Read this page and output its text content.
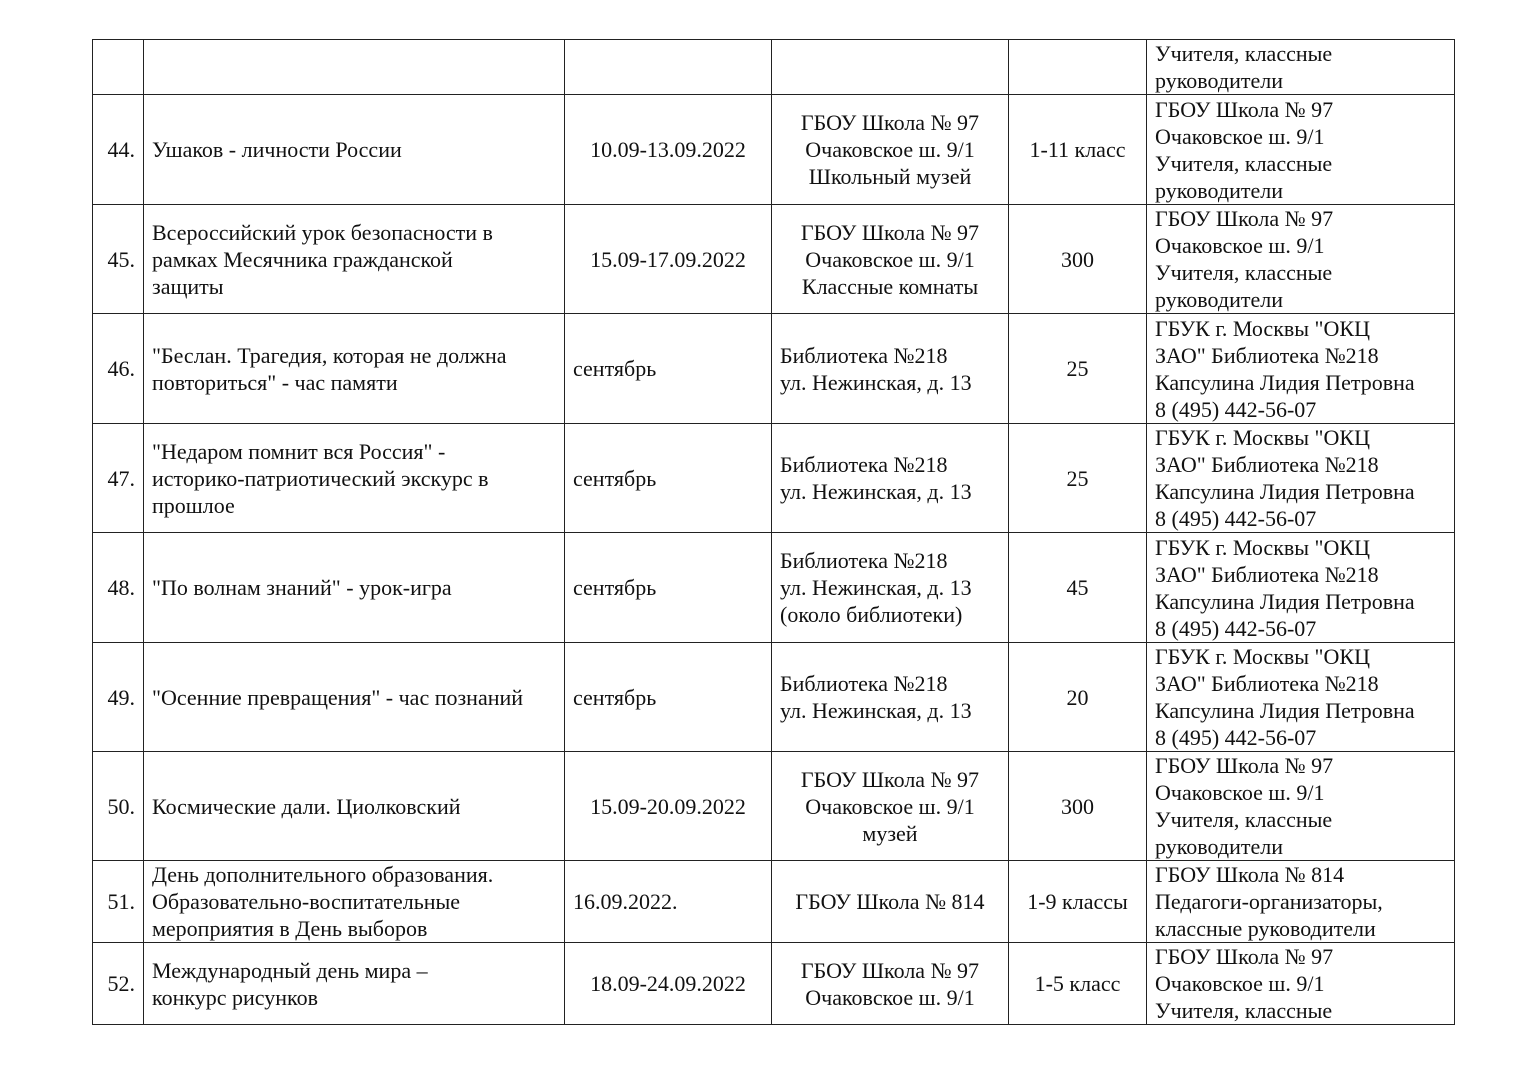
					Учителя, классные
руководители

44.	Ушаков - личности России	10.09-13.09.2022	ГБОУ Школа № 97
Очаковское ш. 9/1
Школьный музей	1-11 класс	ГБОУ Школа № 97
Очаковское ш. 9/1
Учителя, классные
руководители

45.	Всероссийский урок безопасности в
рамках Месячника гражданской
защиты	15.09-17.09.2022	ГБОУ Школа № 97
Очаковское ш. 9/1
Классные комнаты	300	ГБОУ Школа № 97
Очаковское ш. 9/1
Учителя, классные
руководители

46.	"Беслан. Трагедия, которая не должна
повториться" - час памяти	сентябрь	Библиотека №218
ул. Нежинская, д. 13	25	ГБУК г. Москвы "ОКЦ
ЗАО" Библиотека №218
Капсулина Лидия Петровна
8 (495) 442-56-07

47.	"Недаром помнит вся Россия" -
историко-патриотический экскурс в
прошлое	сентябрь	Библиотека №218
ул. Нежинская, д. 13	25	ГБУК г. Москвы "ОКЦ
ЗАО" Библиотека №218
Капсулина Лидия Петровна
8 (495) 442-56-07

48.	"По волнам знаний" - урок-игра	сентябрь	Библиотека №218
ул. Нежинская, д. 13
(около библиотеки)	45	ГБУК г. Москвы "ОКЦ
ЗАО" Библиотека №218
Капсулина Лидия Петровна
8 (495) 442-56-07

49.	"Осенние превращения" - час познаний	сентябрь	Библиотека №218
ул. Нежинская, д. 13	20	ГБУК г. Москвы "ОКЦ
ЗАО" Библиотека №218
Капсулина Лидия Петровна
8 (495) 442-56-07

50.	Космические дали. Циолковский	15.09-20.09.2022	ГБОУ Школа № 97
Очаковское ш. 9/1
музей	300	ГБОУ Школа № 97
Очаковское ш. 9/1
Учителя, классные
руководители

51.	День дополнительного образования.
Образовательно-воспитательные
мероприятия в День выборов	16.09.2022.	ГБОУ Школа № 814	1-9 классы	ГБОУ Школа № 814
Педагоги-организаторы,
классные руководители

52.	Международный день мира –
конкурс рисунков	18.09-24.09.2022	ГБОУ Школа № 97
Очаковское ш. 9/1	1-5 класс	ГБОУ Школа № 97
Очаковское ш. 9/1
Учителя, классные
